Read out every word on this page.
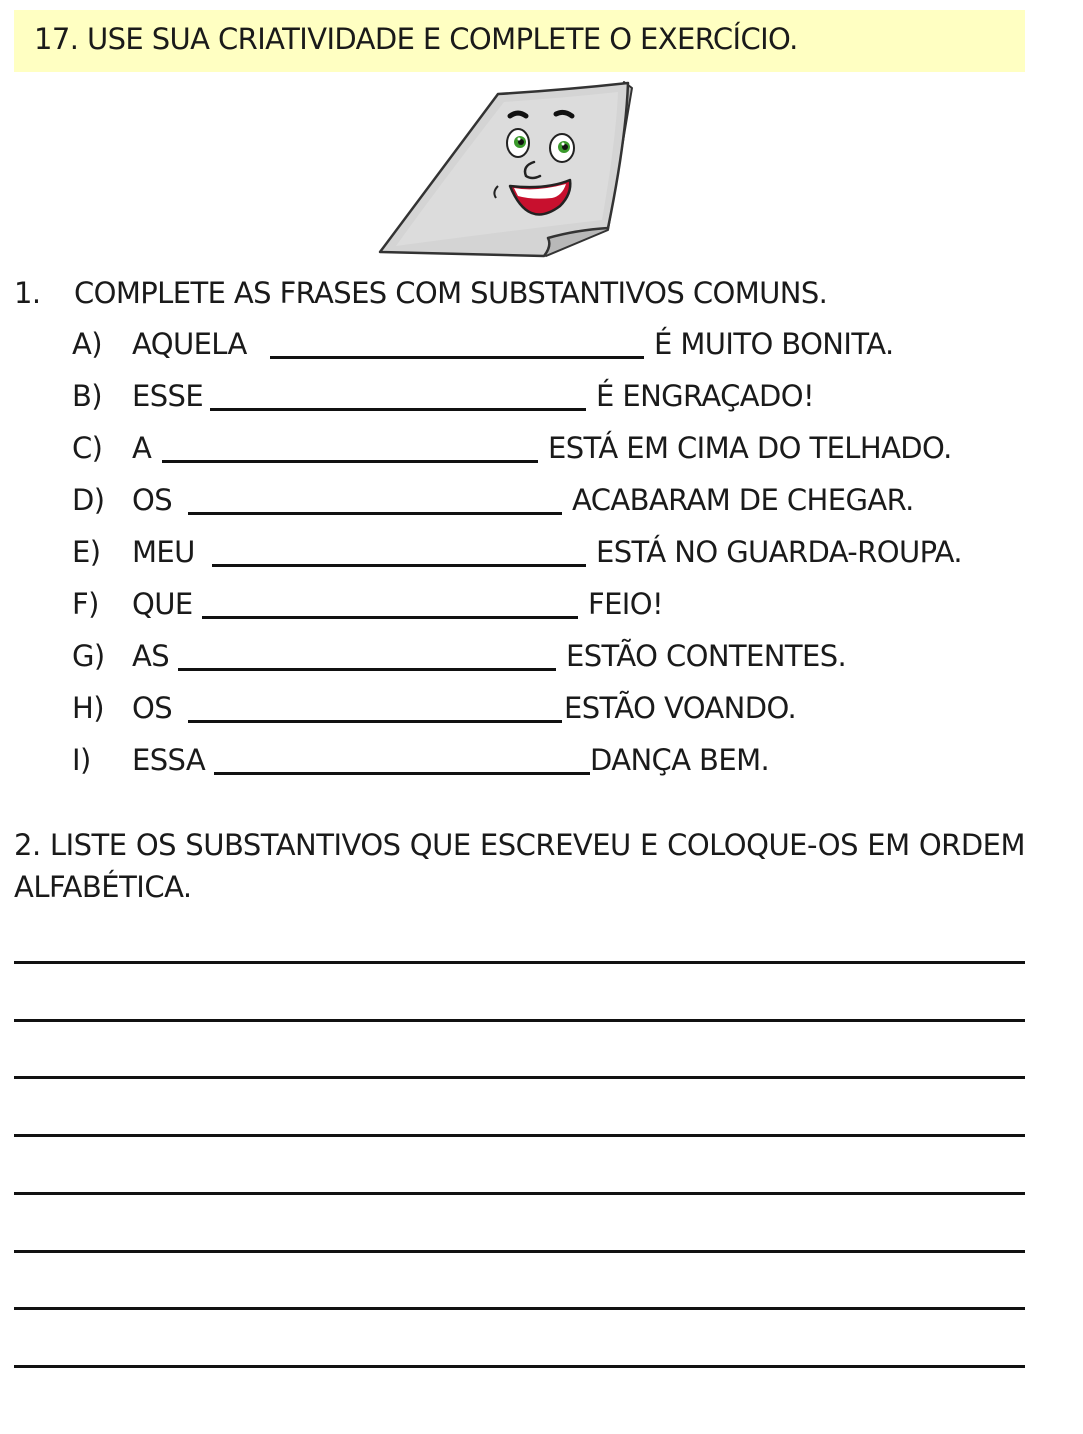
17. USE SUA CRIATIVIDADE E COMPLETE O EXERCÍCIO.
1. COMPLETE AS FRASES COM SUBSTANTIVOS COMUNS.
A) AQUELA	É MUITO BONITA.
B) ESSE	É ENGRAÇADO!
C) A	ESTÁ EM CIMA DO TELHADO.
D) OS	ACABARAM DE CHEGAR.
E) MEU	ESTÁ NO GUARDA-ROUPA.
F) QUE	FEIO!
G) AS	ESTÃO CONTENTES.
H) OS	ESTÃO VOANDO.
I) ESSA	DANÇA BEM.
2. LISTE OS SUBSTANTIVOS QUE ESCREVEU E COLOQUE-OS EM ORDEM ALFABÉTICA.
